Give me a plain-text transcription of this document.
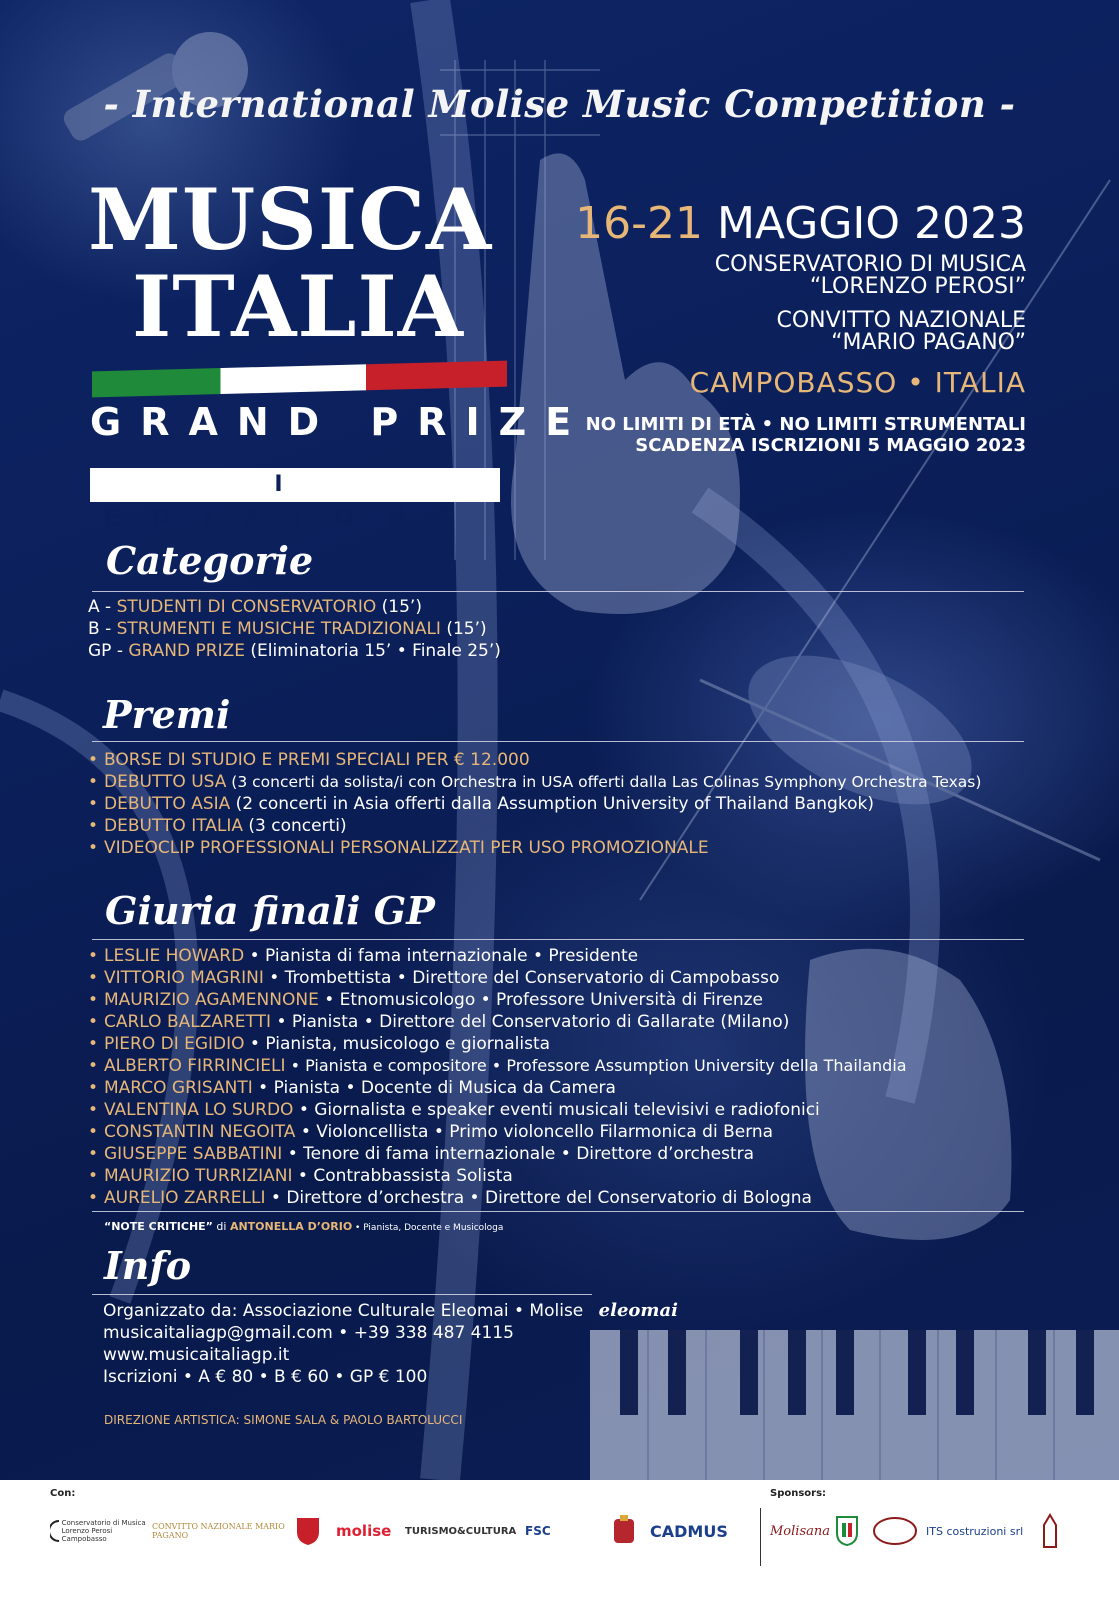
- International Molise Music Competition -
MUSICA
ITALIA
GRAND PRIZE
I EDIZIONE
16-21 MAGGIO 2023
CONSERVATORIO DI MUSICA
“LORENZO PEROSI”
CONVITTO NAZIONALE
“MARIO PAGANO”
CAMPOBASSO • ITALIA
NO LIMITI DI ETÀ • NO LIMITI STRUMENTALI
SCADENZA ISCRIZIONI 5 MAGGIO 2023
Categorie
A - STUDENTI DI CONSERVATORIO (15’)
B - STRUMENTI E MUSICHE TRADIZIONALI (15’)
GP - GRAND PRIZE (Eliminatoria 15’ • Finale 25’)
Premi
• BORSE DI STUDIO E PREMI SPECIALI PER € 12.000
• DEBUTTO USA (3 concerti da solista/i con Orchestra in USA offerti dalla Las Colinas Symphony Orchestra Texas)
• DEBUTTO ASIA (2 concerti in Asia offerti dalla Assumption University of Thailand Bangkok)
• DEBUTTO ITALIA (3 concerti)
• VIDEOCLIP PROFESSIONALI PERSONALIZZATI PER USO PROMOZIONALE
Giuria finali GP
• LESLIE HOWARD • Pianista di fama internazionale • Presidente
• VITTORIO MAGRINI • Trombettista • Direttore del Conservatorio di Campobasso
• MAURIZIO AGAMENNONE • Etnomusicologo • Professore Università di Firenze
• CARLO BALZARETTI • Pianista • Direttore del Conservatorio di Gallarate (Milano)
• PIERO DI EGIDIO • Pianista, musicologo e giornalista
• ALBERTO FIRRINCIELI • Pianista e compositore • Professore Assumption University della Thailandia
• MARCO GRISANTI • Pianista • Docente di Musica da Camera
• VALENTINA LO SURDO • Giornalista e speaker eventi musicali televisivi e radiofonici
• CONSTANTIN NEGOITA • Violoncellista • Primo violoncello Filarmonica di Berna
• GIUSEPPE SABBATINI • Tenore di fama internazionale • Direttore d’orchestra
• MAURIZIO TURRIZIANI • Contrabbassista Solista
• AURELIO ZARRELLI • Direttore d’orchestra • Direttore del Conservatorio di Bologna
“NOTE CRITICHE” di ANTONELLA D’ORIO • Pianista, Docente e Musicologa
Info
Organizzato da: Associazione Culturale Eleomai • Molise eleomai
musicaitaliagp@gmail.com • +39 338 487 4115
www.musicaitaliagp.it
Iscrizioni • A € 80 • B € 60 • GP € 100
DIREZIONE ARTISTICA: SIMONE SALA & PAOLO BARTOLUCCI
Con:	Sponsors:
Conservatorio di Musica Lorenzo Perosi Campobasso
CONVITTO NAZIONALE MARIO PAGANO	molise TURISMO&CULTURA FSC	CADMUS	Molisana	ITS costruzioni srl
